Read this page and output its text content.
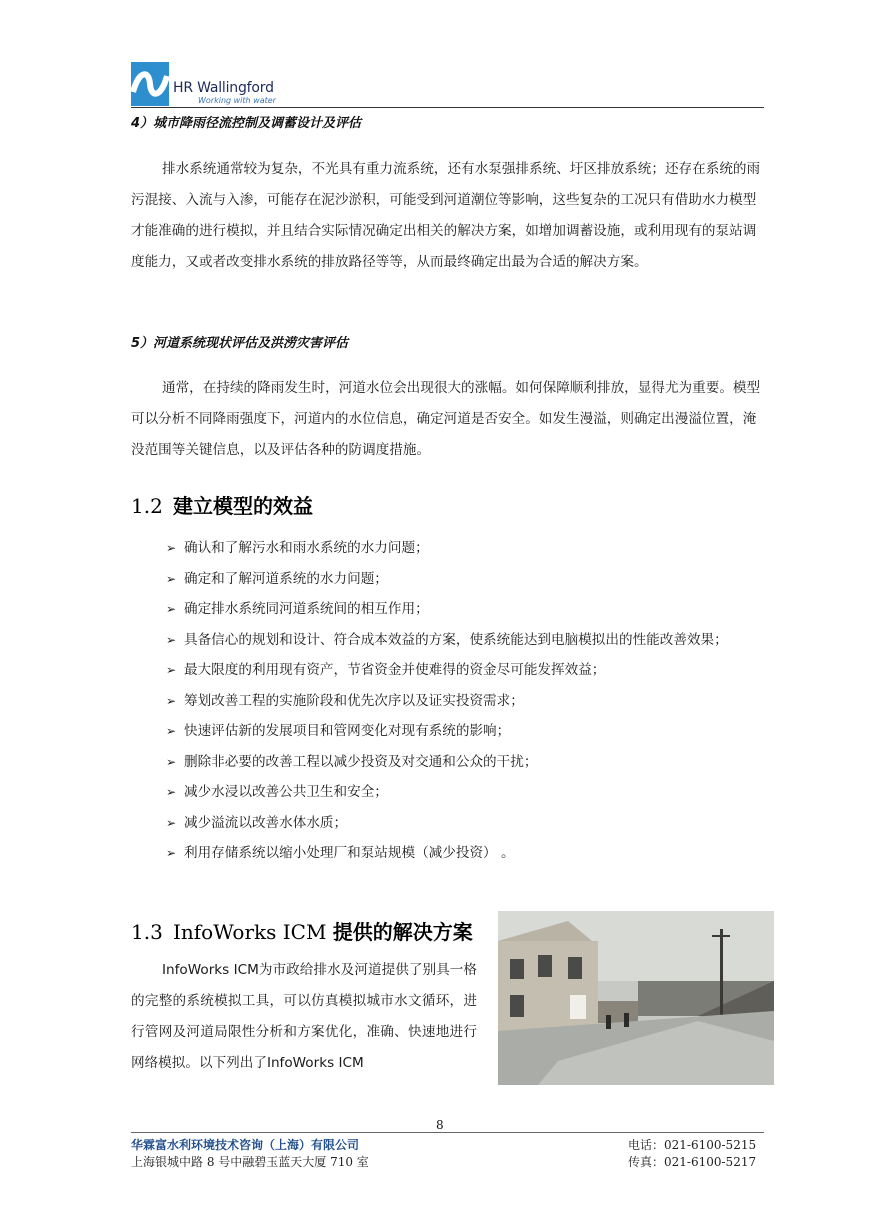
HR Wallingford
Working with water
4）城市降雨径流控制及调蓄设计及评估
排水系统通常较为复杂，不光具有重力流系统，还有水泵强排系统、圩区排放系统；还存在系统的雨污混接、入流与入渗，可能存在泥沙淤积，可能受到河道潮位等影响，这些复杂的工况只有借助水力模型才能准确的进行模拟，并且结合实际情况确定出相关的解决方案，如增加调蓄设施，或利用现有的泵站调度能力，又或者改变排水系统的排放路径等等，从而最终确定出最为合适的解决方案。
5）河道系统现状评估及洪涝灾害评估
通常，在持续的降雨发生时，河道水位会出现很大的涨幅。如何保障顺利排放，显得尤为重要。模型可以分析不同降雨强度下，河道内的水位信息，确定河道是否安全。如发生漫溢，则确定出漫溢位置，淹没范围等关键信息，以及评估各种的防调度措施。
1.2 建立模型的效益
➢ 确认和了解污水和雨水系统的水力问题；
➢ 确定和了解河道系统的水力问题；
➢ 确定排水系统同河道系统间的相互作用；
➢ 具备信心的规划和设计、符合成本效益的方案，使系统能达到电脑模拟出的性能改善效果；
➢ 最大限度的利用现有资产，节省资金并使难得的资金尽可能发挥效益；
➢ 筹划改善工程的实施阶段和优先次序以及证实投资需求；
➢ 快速评估新的发展项目和管网变化对现有系统的影响；
➢ 删除非必要的改善工程以减少投资及对交通和公众的干扰；
➢ 减少水浸以改善公共卫生和安全；
➢ 减少溢流以改善水体水质；
➢ 利用存储系统以缩小处理厂和泵站规模（减少投资） 。
1.3 InfoWorks ICM 提供的解决方案
InfoWorks ICM为市政给排水及河道提供了别具一格的完整的系统模拟工具，可以仿真模拟城市水文循环，进行管网及河道局限性分析和方案优化，准确、快速地进行网络模拟。以下列出了InfoWorks ICM
8
华霖富水利环境技术咨询（上海）有限公司
上海银城中路 8 号中融碧玉蓝天大厦 710 室
电话：021-6100-5215
传真：021-6100-5217
